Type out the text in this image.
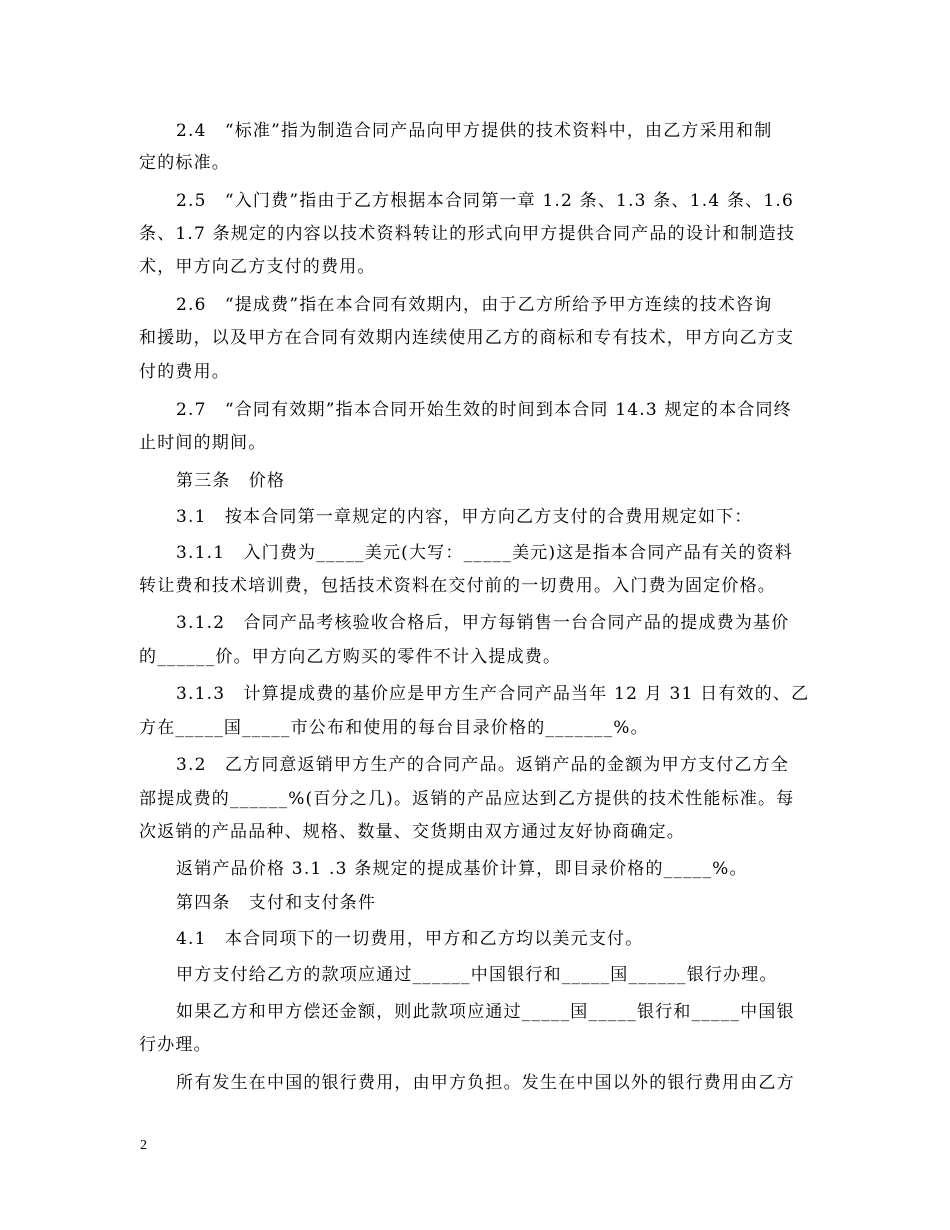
2.4　“标准”指为制造合同产品向甲方提供的技术资料中，由乙方采用和制
定的标准。
2.5　“入门费”指由于乙方根据本合同第一章 1.2 条、1.3 条、1.4 条、1.6
条、1.7 条规定的内容以技术资料转让的形式向甲方提供合同产品的设计和制造技
术，甲方向乙方支付的费用。
2.6　“提成费”指在本合同有效期内，由于乙方所给予甲方连续的技术咨询
和援助，以及甲方在合同有效期内连续使用乙方的商标和专有技术，甲方向乙方支
付的费用。
2.7　“合同有效期”指本合同开始生效的时间到本合同 14.3 规定的本合同终
止时间的期间。
第三条　价格
3.1　按本合同第一章规定的内容，甲方向乙方支付的合费用规定如下：
3.1.1　入门费为_____美元(大写：_____美元)这是指本合同产品有关的资料
转让费和技术培训费，包括技术资料在交付前的一切费用。入门费为固定价格。
3.1.2　合同产品考核验收合格后，甲方每销售一台合同产品的提成费为基价
的______价。甲方向乙方购买的零件不计入提成费。
3.1.3　计算提成费的基价应是甲方生产合同产品当年 12 月 31 日有效的、乙
方在_____国_____市公布和使用的每台目录价格的_______%。
3.2　乙方同意返销甲方生产的合同产品。返销产品的金额为甲方支付乙方全
部提成费的______%(百分之几)。返销的产品应达到乙方提供的技术性能标准。每
次返销的产品品种、规格、数量、交货期由双方通过友好协商确定。
返销产品价格 3.1 .3 条规定的提成基价计算，即目录价格的_____%。
第四条　支付和支付条件
4.1　本合同项下的一切费用，甲方和乙方均以美元支付。
甲方支付给乙方的款项应通过______中国银行和_____国______银行办理。
如果乙方和甲方偿还金额，则此款项应通过_____国_____银行和_____中国银
行办理。
所有发生在中国的银行费用，由甲方负担。发生在中国以外的银行费用由乙方
2
